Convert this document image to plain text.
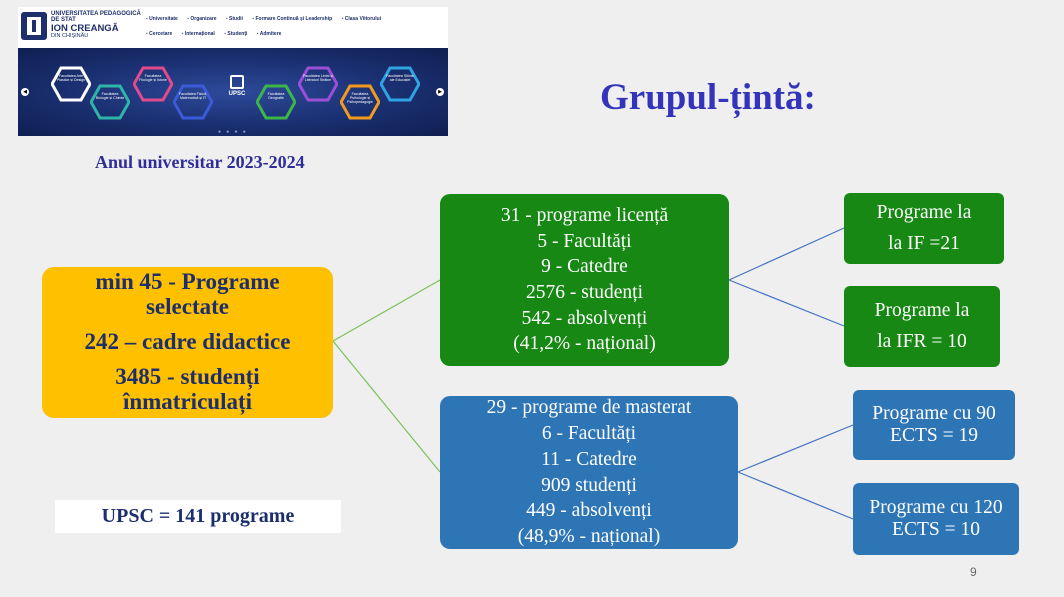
UNIVERSITATEA PEDAGOGICĂ DE STAT
ION CREANGĂ
DIN CHIȘINĂU
▪ Universitate	▪ Organizare	▪ Studii	▪ Formare Continuă și Leadership	▪ Clasa Viitorului
▪ Cercetare	▪ Internațional	▪ Studenți ▪ Admitere
◀	▶
Facultatea Arte Plastice și Design
Facultatea Biologie și Chimie
Facultatea Filologie și Istorie
Facultatea Fizică, Matematică și IT
UPSC	Facultatea Geografie
Facultatea Limbi și Literaturi Străine
Facultatea Psihologie și Psihopedagogie
Facultatea Științe ale Educației
● ● ● ●
Grupul-țintă:
Anul universitar 2023-2024
min 45 - Programe
selectate
242 – cadre didactice
3485 - studenți
înmatriculați
31 - programe licență
5 - Facultăți
9 - Catedre
2576 - studenți
542 - absolvenți
(41,2% - național)
29 - programe de masterat
6 - Facultăți
11 - Catedre
909 studenți
449 - absolvenți
(48,9% - național)
Programe la
la IF =21
Programe la
la IFR = 10
Programe cu 90
ECTS = 19
Programe cu 120
ECTS = 10
UPSC = 141 programe
9
